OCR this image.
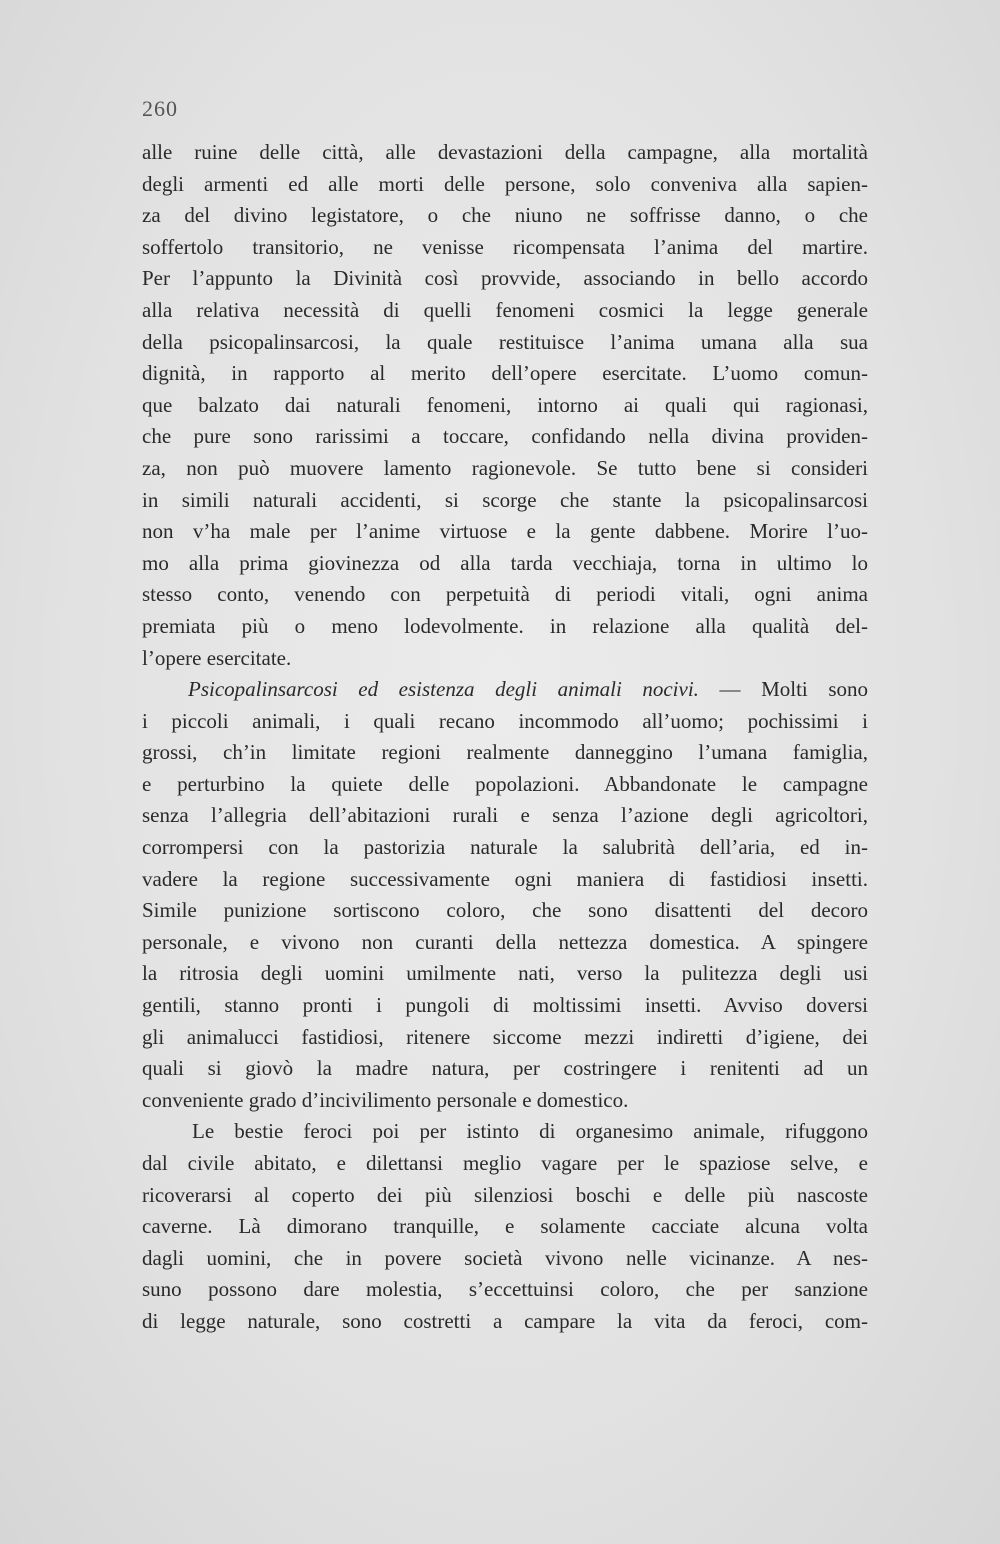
260
alle ruine delle città, alle devastazioni della campagne, alla mortalità
degli armenti ed alle morti delle persone, solo conveniva alla sapien-
za del divino legistatore, o che niuno ne soffrisse danno, o che
soffertolo transitorio, ne venisse ricompensata l’anima del martire.
Per l’appunto la Divinità così provvide, associando in bello accordo
alla relativa necessità di quelli fenomeni cosmici la legge generale
della psicopalinsarcosi, la quale restituisce l’anima umana alla sua
dignità, in rapporto al merito dell’opere esercitate. L’uomo comun-
que balzato dai naturali fenomeni, intorno ai quali qui ragionasi,
che pure sono rarissimi a toccare, confidando nella divina providen-
za, non può muovere lamento ragionevole. Se tutto bene si consideri
in simili naturali accidenti, si scorge che stante la psicopalinsarcosi
non v’ha male per l’anime virtuose e la gente dabbene. Morire l’uo-
mo alla prima giovinezza od alla tarda vecchiaja, torna in ultimo lo
stesso conto, venendo con perpetuità di periodi vitali, ogni anima
premiata più o meno lodevolmente. in relazione alla qualità del-
l’opere esercitate.
Psicopalinsarcosi ed esistenza degli animali nocivi. — Molti sono
i piccoli animali, i quali recano incommodo all’uomo; pochissimi i
grossi, ch’in limitate regioni realmente danneggino l’umana famiglia,
e perturbino la quiete delle popolazioni. Abbandonate le campagne
senza l’allegria dell’abitazioni rurali e senza l’azione degli agricoltori,
corrompersi con la pastorizia naturale la salubrità dell’aria, ed in-
vadere la regione successivamente ogni maniera di fastidiosi insetti.
Simile punizione sortiscono coloro, che sono disattenti del decoro
personale, e vivono non curanti della nettezza domestica. A spingere
la ritrosia degli uomini umilmente nati, verso la pulitezza degli usi
gentili, stanno pronti i pungoli di moltissimi insetti. Avviso doversi
gli animalucci fastidiosi, ritenere siccome mezzi indiretti d’igiene, dei
quali si giovò la madre natura, per costringere i renitenti ad un
conveniente grado d’incivilimento personale e domestico.
Le bestie feroci poi per istinto di organesimo animale, rifuggono
dal civile abitato, e dilettansi meglio vagare per le spaziose selve, e
ricoverarsi al coperto dei più silenziosi boschi e delle più nascoste
caverne. Là dimorano tranquille, e solamente cacciate alcuna volta
dagli uomini, che in povere società vivono nelle vicinanze. A nes-
suno possono dare molestia, s’eccettuinsi coloro, che per sanzione
di legge naturale, sono costretti a campare la vita da feroci, com-
